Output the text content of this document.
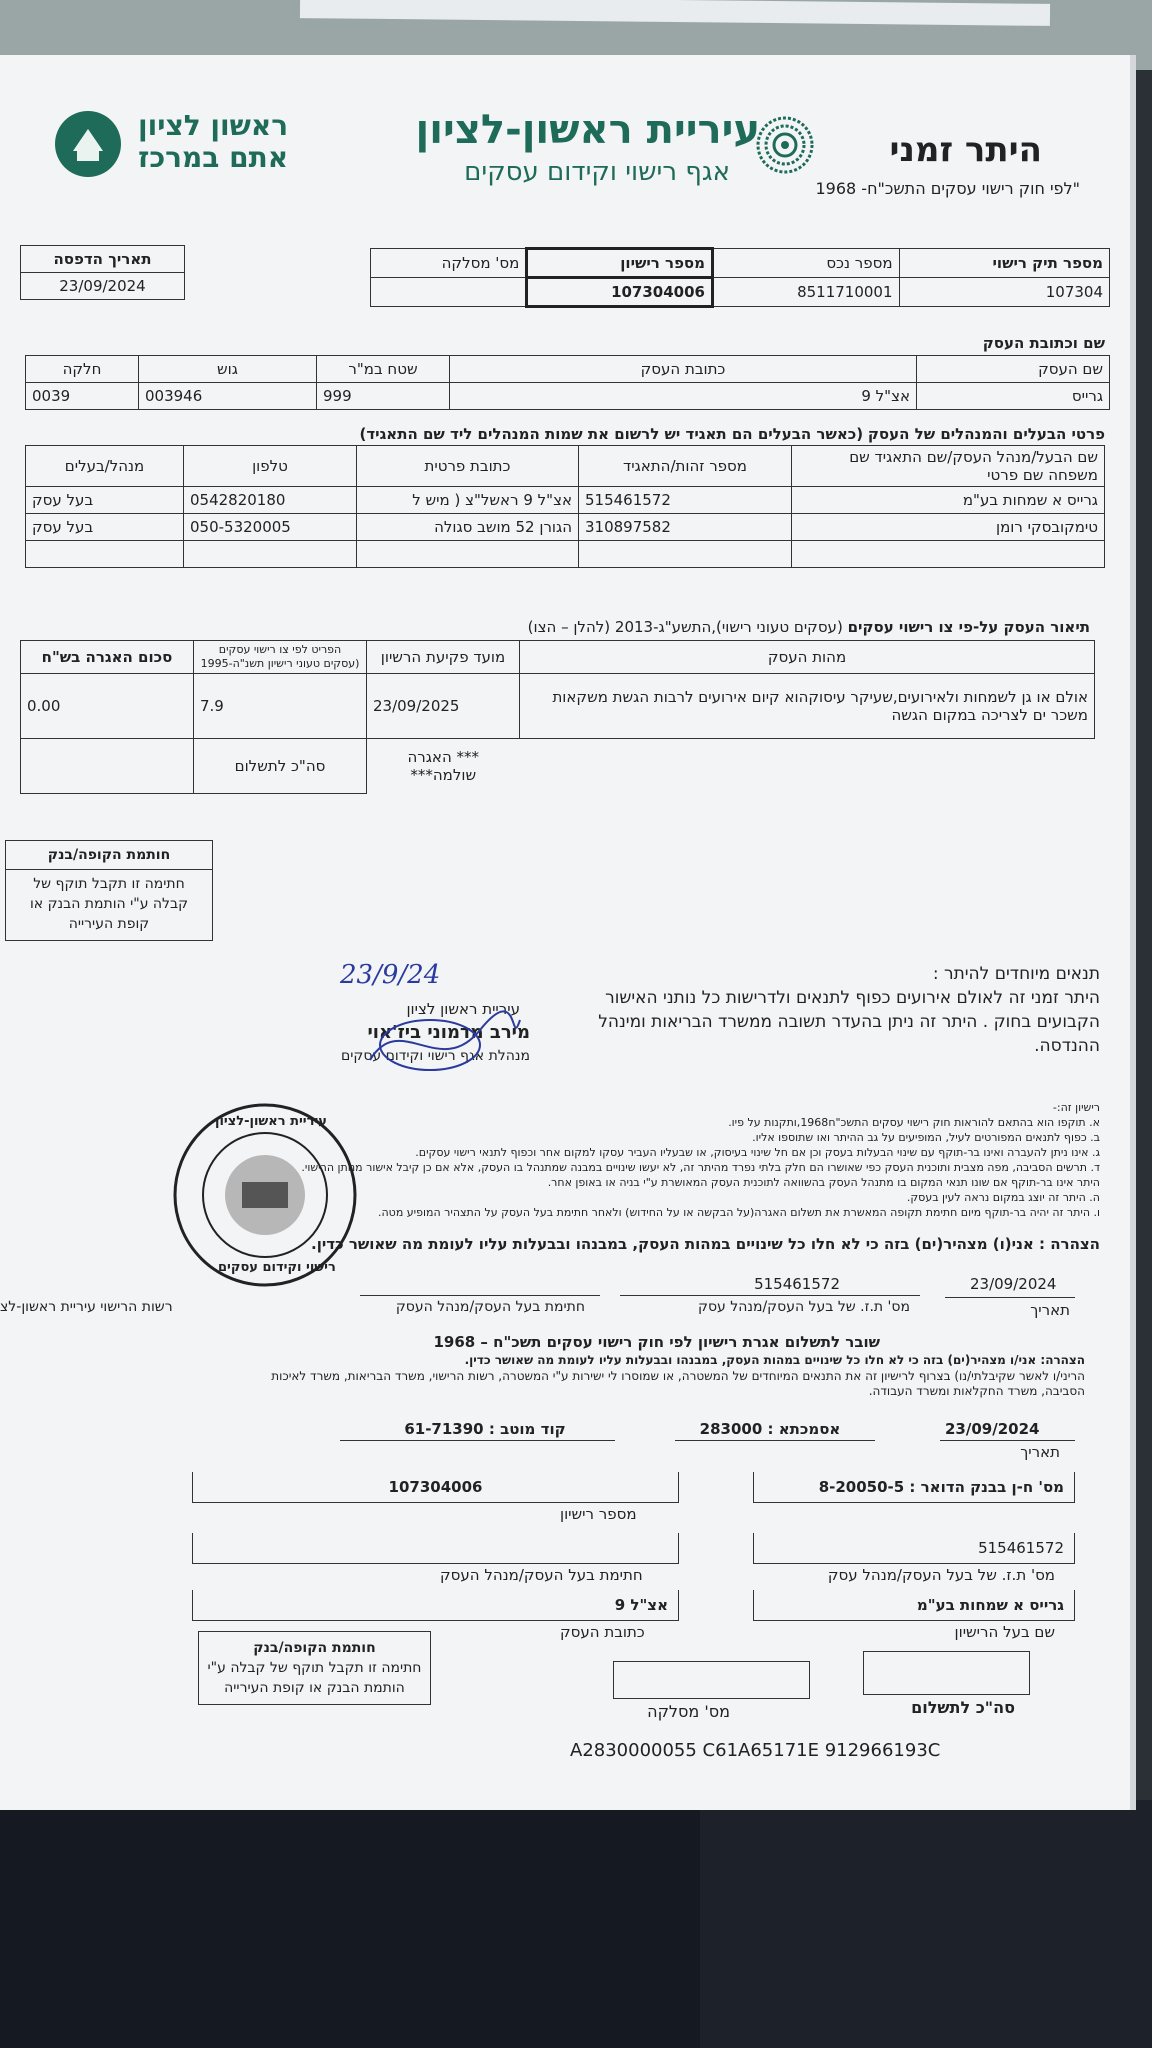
היתר זמני
"לפי חוק רישוי עסקים התשכ"ח- 1968
עיריית ראשון-לציון
אגף רישוי וקידום עסקים
ראשון לציון
אתם במרכז
תאריך הדפסה
23/09/2024
מספר תיק רישוי	מספר נכס	מספר רישיון	מס' מסלקה
107304	8511710001	107304006	
שם וכתובת העסק
שם העסק	כתובת העסק	שטח במ"ר	גוש	חלקה
גרייס	אצ"ל 9	999	003946	0039
פרטי הבעלים והמנהלים של העסק (כאשר הבעלים הם תאגיד יש לרשום את שמות המנהלים ליד שם התאגיד)
שם הבעל/מנהל העסק/שם התאגיד שם משפחה שם פרטי	מספר זהות/התאגיד	כתובת פרטית	טלפון	מנהל/בעלים
גרייס א שמחות בע"מ	515461572	אצ"ל 9 ראשל"צ ( מיש ל	0542820180	בעל עסק
טימקובסקי רומן	310897582	הגורן 52 מושב סגולה	050-5320005	בעל עסק

תיאור העסק על-פי צו רישוי עסקים (עסקים טעוני רישוי),התשע"ג-2013 (להלן – הצו)
מהות העסק	מועד פקיעת הרשיון	הפריט לפי צו רישוי עסקים (עסקים טעוני רישיון תשנ"ה-1995	סכום האגרה בש"ח
אולם או גן לשמחות ולאירועים,שעיקר עיסוקהוא קיום אירועים לרבות הגשת משקאות משכר ים לצריכה במקום הגשה	23/09/2025	7.9	0.00
	*** האגרה שולמה***	סה"כ לתשלום	
חותמת הקופה/בנק
חתימה זו תקבל תוקף של קבלה ע"י הותמת הבנק או קופת העירייה
תנאים מיוחדים להיתר :
היתר זמני זה לאולם אירועים כפוף לתנאים ולדרישות כל נותני האישור הקבועים בחוק . היתר זה ניתן בהעדר תשובה ממשרד הבריאות ומינהל ההנדסה.
23/9/24
עיריית ראשון לציון
מירב מדמוני ביז'אוי
מנהלת אגף רישוי וקידום עסקים
רישיון זה:-
א. תוקפו הוא בהתאם להוראות חוק רישוי עסקים התשכ"ח1968,ותקנות על פיו.
ב. כפוף לתנאים המפורטים לעיל, המופיעים על גב ההיתר ואו שתוספו אליו.
ג. אינו ניתן להעברה ואינו בר-תוקף עם שינוי הבעלות בעסק וכן אם חל שינוי בעיסוק, או שבעליו העביר עסקו למקום אחר וכפוף לתנאי רישוי עסקים.
ד. תרשים הסביבה, מפה מצבית ותוכנית העסק כפי שאושרו הם חלק בלתי נפרד מהיתר זה, לא יעשו שינויים במבנה שמתנהל בו העסק, אלא אם כן קיבל אישור מנותן הרישוי.
היתר אינו בר-תוקף אם שונו תנאי המקום בו מתנהל העסק בהשוואה לתוכנית העסק המאושרת ע"י בניה או באופן אחר.
ה. היתר זה יוצג במקום נראה לעין בעסק.
ו. היתר זה יהיה בר-תוקף מיום חתימת תקופה המאשרת את תשלום האגרה(על הבקשה או על החידוש) ולאחר חתימת בעל העסק על התצהיר המופיע מטה.
הצהרה : אני(ו) מצהיר(ים) בזה כי לא חלו כל שינויים במהות העסק, במבנהו ובבעלות עליו לעומת מה שאושר כדין.
23/09/2024
תאריך
515461572
מס' ת.ז. של בעל העסק/מנהל עסק
חתימת בעל העסק/מנהל העסק
עיריית ראשון-לציון
רישוי וקידום עסקים
רשות הרישוי עיריית ראשון-לצ
שובר לתשלום אגרת רישיון לפי חוק רישוי עסקים תשכ"ח – 1968
הצהרה: אני/ו מצהיר(ים) בזה כי לא חלו כל שינויים במהות העסק, במבנהו ובבעלות עליו לעומת מה שאושר כדין.
הריני/ו לאשר שקיבלתי/נו) בצרוף לרישיון זה את התנאים המיוחדים של המשטרה, או שמוסרו לי ישירות ע"י המשטרה, רשות הרישוי, משרד הבריאות, משרד לאיכות הסביבה, משרד החקלאות ומשרד העבודה.
23/09/2024
תאריך
אסמכתא : 283000
קוד מוטב : 61-71390
107304006
מספר רישיון
חתימת בעל העסק/מנהל העסק
אצ"ל 9
כתובת העסק
מס' ח-ן בבנק הדואר : 8-20050-5
515461572
מס' ת.ז. של בעל העסק/מנהל עסק
גרייס א שמחות בע"מ
שם בעל הרישיון
חותמת הקופה/בנק
חתימה זו תקבל תוקף של קבלה ע"י הותמת הבנק או קופת העירייה
סה"כ לתשלום
מס' מסלקה
A2830000055 C61A65171E 912966193C
